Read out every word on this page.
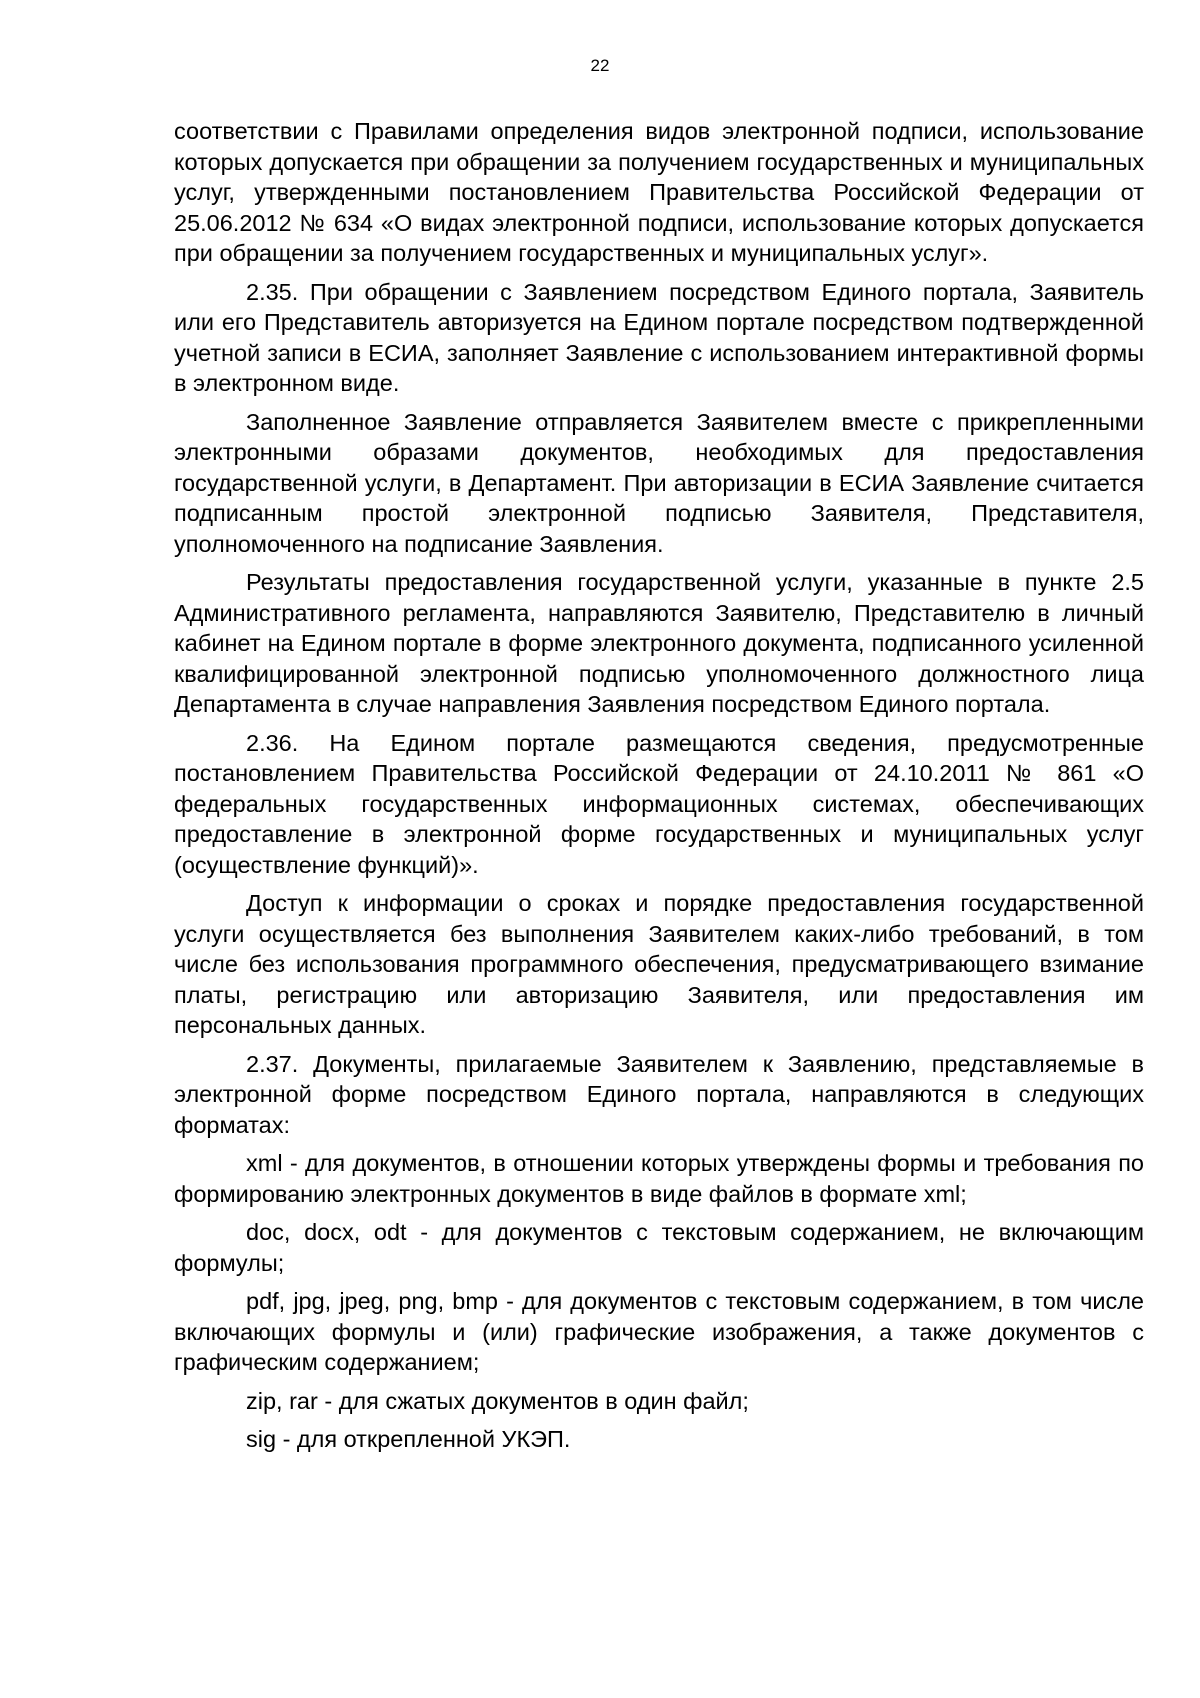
22

соответствии с Правилами определения видов электронной подписи, использование которых допускается при обращении за получением государственных и муниципальных услуг, утвержденными постановлением Правительства Российской Федерации от 25.06.2012 № 634 «О видах электронной подписи, использование которых допускается при обращении за получением государственных и муниципальных услуг».

2.35. При обращении с Заявлением посредством Единого портала, Заявитель или его Представитель авторизуется на Едином портале посредством подтвержденной учетной записи в ЕСИА, заполняет Заявление с использованием интерактивной формы в электронном виде.

Заполненное Заявление отправляется Заявителем вместе с прикрепленными электронными образами документов, необходимых для предоставления государственной услуги, в Департамент. При авторизации в ЕСИА Заявление считается подписанным простой электронной подписью Заявителя, Представителя, уполномоченного на подписание Заявления.

Результаты предоставления государственной услуги, указанные в пункте 2.5 Административного регламента, направляются Заявителю, Представителю в личный кабинет на Едином портале в форме электронного документа, подписанного усиленной квалифицированной электронной подписью уполномоченного должностного лица Департамента в случае направления Заявления посредством Единого портала.

2.36. На Едином портале размещаются сведения, предусмотренные постановлением Правительства Российской Федерации от 24.10.2011 № 861 «О федеральных государственных информационных системах, обеспечивающих предоставление в электронной форме государственных и муниципальных услуг (осуществление функций)».

Доступ к информации о сроках и порядке предоставления государственной услуги осуществляется без выполнения Заявителем каких-либо требований, в том числе без использования программного обеспечения, предусматривающего взимание платы, регистрацию или авторизацию Заявителя, или предоставления им персональных данных.

2.37. Документы, прилагаемые Заявителем к Заявлению, представляемые в электронной форме посредством Единого портала, направляются в следующих форматах:

xml - для документов, в отношении которых утверждены формы и требования по формированию электронных документов в виде файлов в формате xml;

doc, docx, odt - для документов с текстовым содержанием, не включающим формулы;

pdf, jpg, jpeg, png, bmp - для документов с текстовым содержанием, в том числе включающих формулы и (или) графические изображения, а также документов с графическим содержанием;

zip, rar - для сжатых документов в один файл;

sig - для открепленной УКЭП.
